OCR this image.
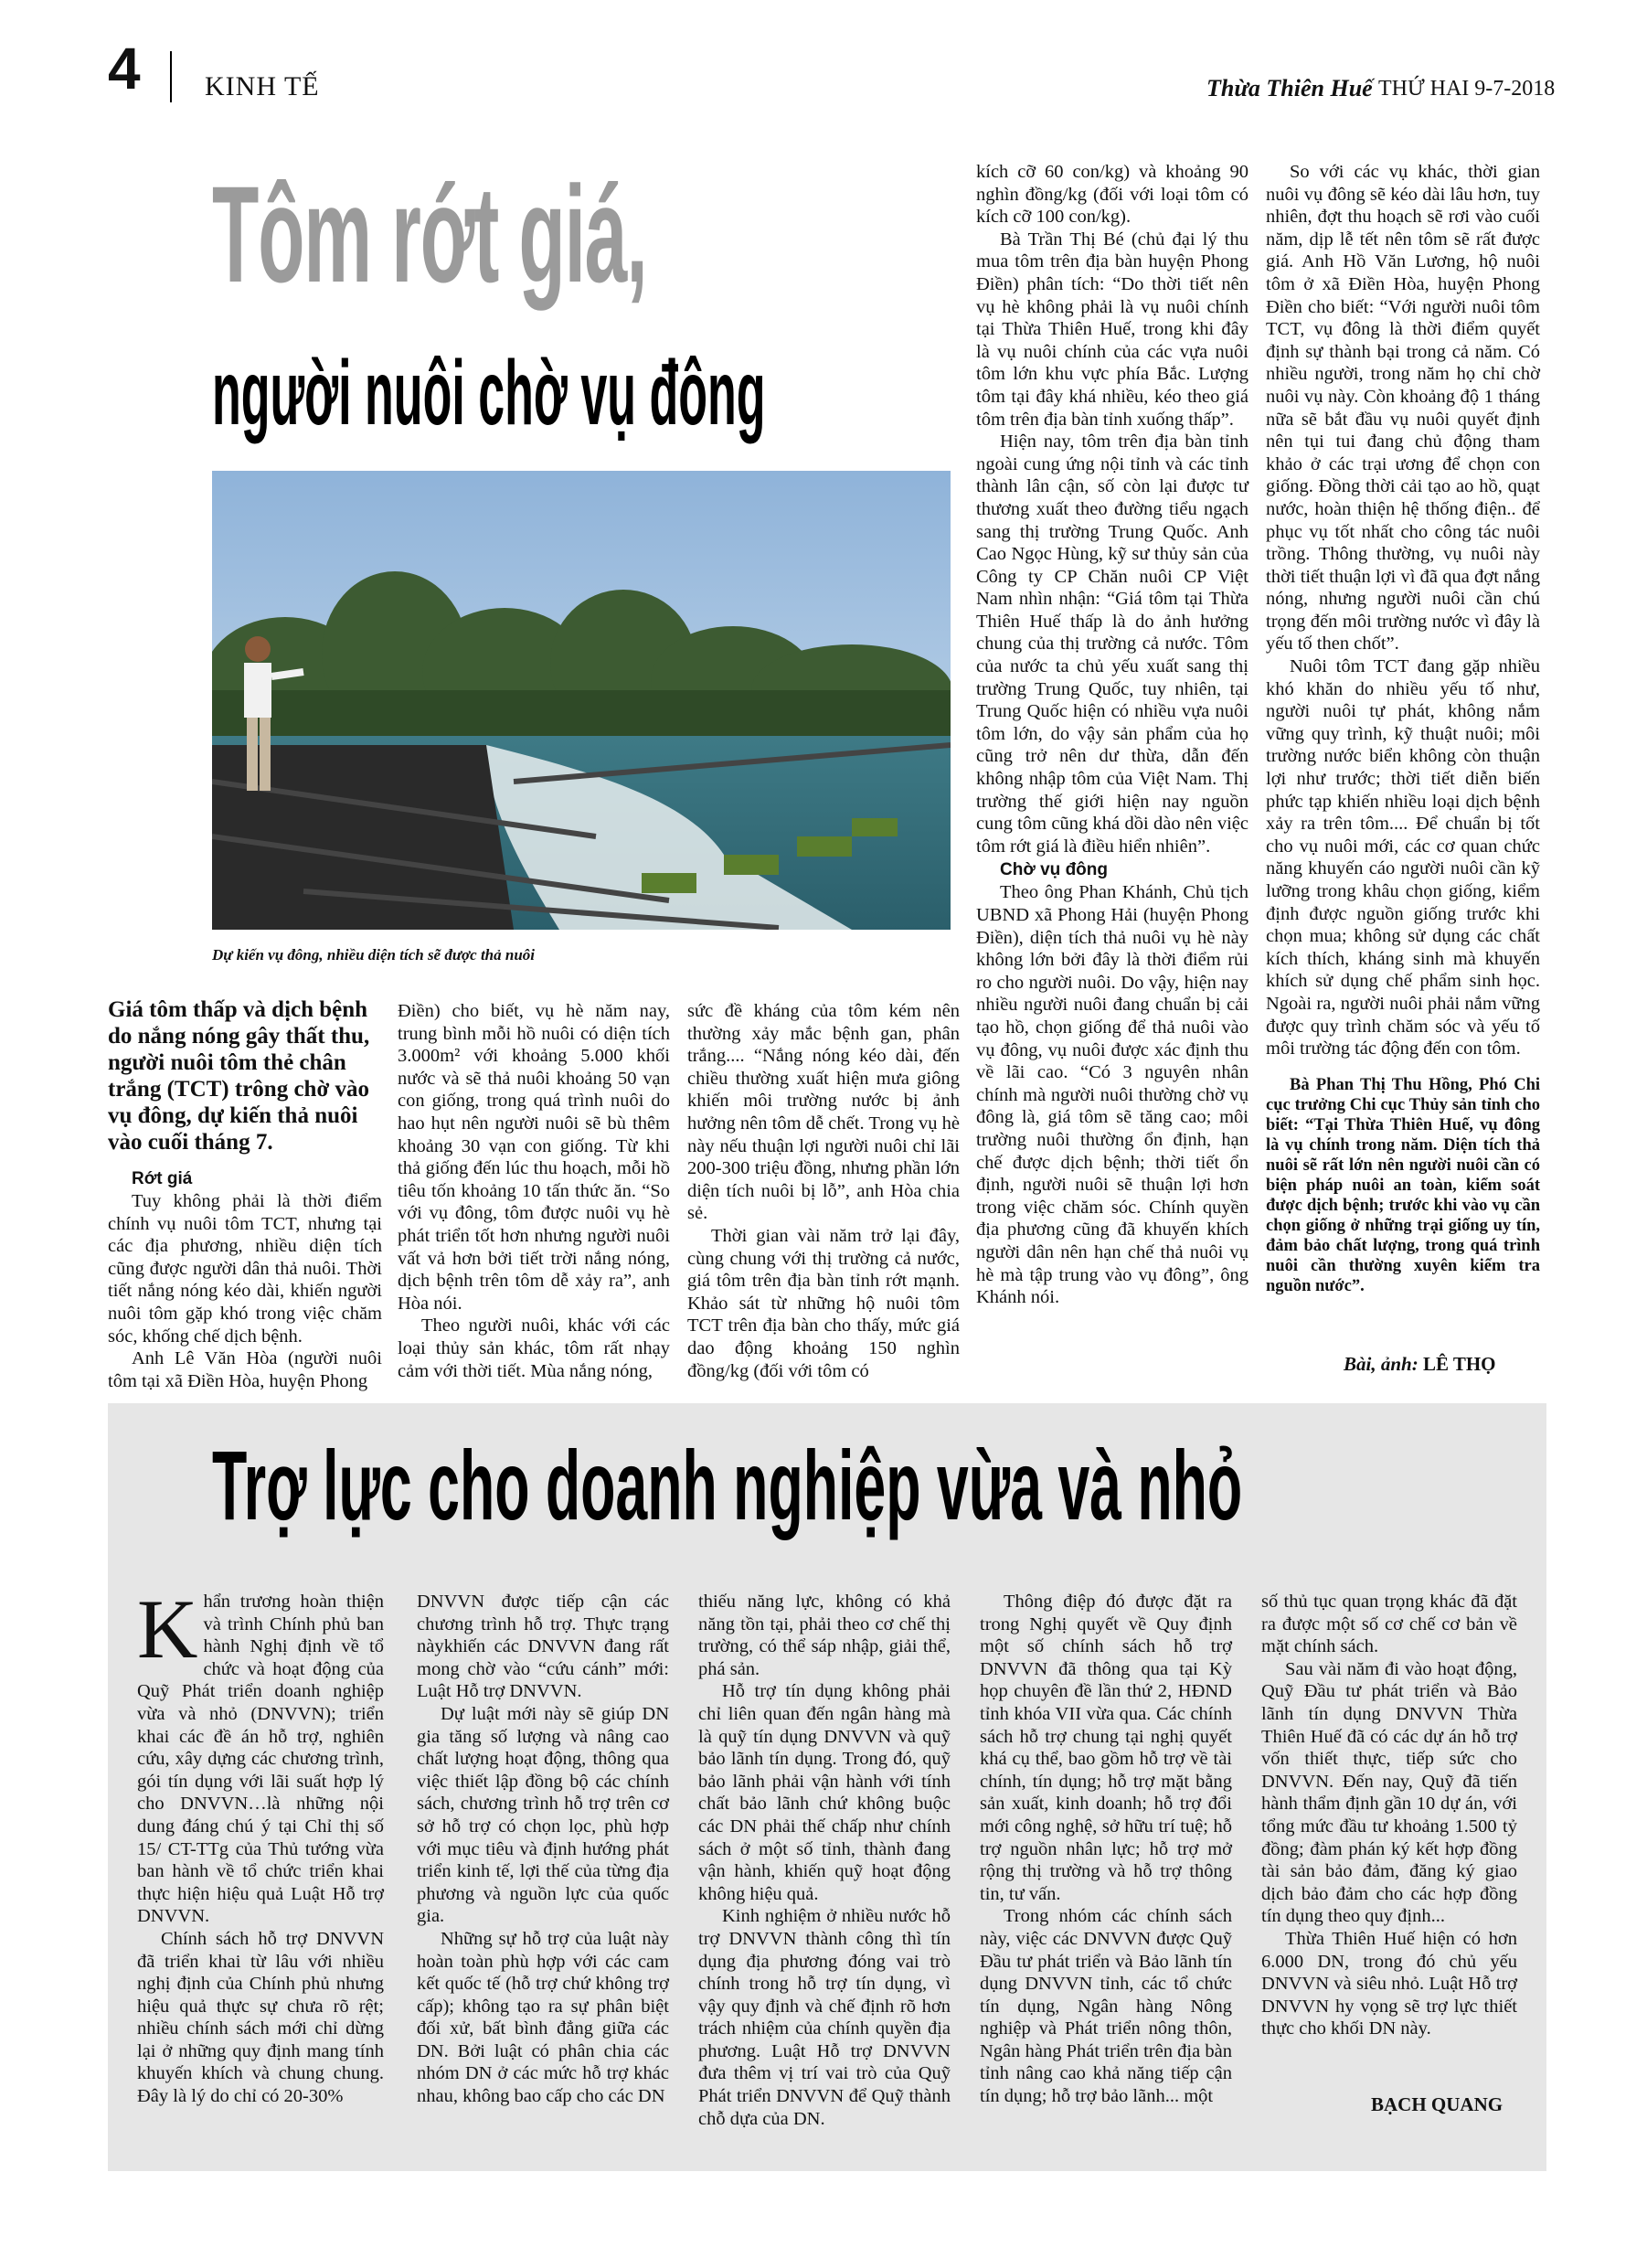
4 KINH TẾ	Thừa Thiên Huế THỨ HAI 9-7-2018
Tôm rớt giá,
người nuôi chờ vụ đông
Dự kiến vụ đông, nhiều diện tích sẽ được thả nuôi
Giá tôm thấp và dịch bệnh do nắng nóng gây thất thu, người nuôi tôm thẻ chân trắng (TCT) trông chờ vào vụ đông, dự kiến thả nuôi vào cuối tháng 7.

Rớt giá

Tuy không phải là thời điểm chính vụ nuôi tôm TCT, nhưng tại các địa phương, nhiều diện tích cũng được người dân thả nuôi. Thời tiết nắng nóng kéo dài, khiến người nuôi tôm gặp khó trong việc chăm sóc, khống chế dịch bệnh.

Anh Lê Văn Hòa (người nuôi tôm tại xã Điền Hòa, huyện Phong

Điền) cho biết, vụ hè năm nay, trung bình mỗi hồ nuôi có diện tích 3.000m² với khoảng 5.000 khối nước và sẽ thả nuôi khoảng 50 vạn con giống, trong quá trình nuôi do hao hụt nên người nuôi sẽ bù thêm khoảng 30 vạn con giống. Từ khi thả giống đến lúc thu hoạch, mỗi hồ tiêu tốn khoảng 10 tấn thức ăn. “So với vụ đông, tôm được nuôi vụ hè phát triển tốt hơn nhưng người nuôi vất vả hơn bởi tiết trời nắng nóng, dịch bệnh trên tôm dễ xảy ra”, anh Hòa nói.

Theo người nuôi, khác với các loại thủy sản khác, tôm rất nhạy cảm với thời tiết. Mùa nắng nóng,

sức đề kháng của tôm kém nên thường xảy mắc bệnh gan, phân trắng.... “Nắng nóng kéo dài, đến chiều thường xuất hiện mưa giông khiến môi trường nước bị ảnh hưởng nên tôm dễ chết. Trong vụ hè này nếu thuận lợi người nuôi chỉ lãi 200-300 triệu đồng, nhưng phần lớn diện tích nuôi bị lỗ”, anh Hòa chia sẻ.

Thời gian vài năm trở lại đây, cùng chung với thị trường cả nước, giá tôm trên địa bàn tỉnh rớt mạnh. Khảo sát từ những hộ nuôi tôm TCT trên địa bàn cho thấy, mức giá dao động khoảng 150 nghìn đồng/kg (đối với tôm có

kích cỡ 60 con/kg) và khoảng 90 nghìn đồng/kg (đối với loại tôm có kích cỡ 100 con/kg).

Bà Trần Thị Bé (chủ đại lý thu mua tôm trên địa bàn huyện Phong Điền) phân tích: “Do thời tiết nên vụ hè không phải là vụ nuôi chính tại Thừa Thiên Huế, trong khi đây là vụ nuôi chính của các vựa nuôi tôm lớn khu vực phía Bắc. Lượng tôm tại đây khá nhiều, kéo theo giá tôm trên địa bàn tỉnh xuống thấp”.

Hiện nay, tôm trên địa bàn tỉnh ngoài cung ứng nội tỉnh và các tỉnh thành lân cận, số còn lại được tư thương xuất theo đường tiểu ngạch sang thị trường Trung Quốc. Anh Cao Ngọc Hùng, kỹ sư thủy sản của Công ty CP Chăn nuôi CP Việt Nam nhìn nhận: “Giá tôm tại Thừa Thiên Huế thấp là do ảnh hưởng chung của thị trường cả nước. Tôm của nước ta chủ yếu xuất sang thị trường Trung Quốc, tuy nhiên, tại Trung Quốc hiện có nhiều vựa nuôi tôm lớn, do vậy sản phẩm của họ cũng trở nên dư thừa, dẫn đến không nhập tôm của Việt Nam. Thị trường thế giới hiện nay nguồn cung tôm cũng khá dồi dào nên việc tôm rớt giá là điều hiển nhiên”.

Chờ vụ đông

Theo ông Phan Khánh, Chủ tịch UBND xã Phong Hải (huyện Phong Điền), diện tích thả nuôi vụ hè này không lớn bởi đây là thời điểm rủi ro cho người nuôi. Do vậy, hiện nay nhiều người nuôi đang chuẩn bị cải tạo hồ, chọn giống để thả nuôi vào vụ đông, vụ nuôi được xác định thu về lãi cao. “Có 3 nguyên nhân chính mà người nuôi thường chờ vụ đông là, giá tôm sẽ tăng cao; môi trường nuôi thường ổn định, hạn chế được dịch bệnh; thời tiết ổn định, người nuôi sẽ thuận lợi hơn trong việc chăm sóc. Chính quyền địa phương cũng đã khuyến khích người dân nên hạn chế thả nuôi vụ hè mà tập trung vào vụ đông”, ông Khánh nói.

So với các vụ khác, thời gian nuôi vụ đông sẽ kéo dài lâu hơn, tuy nhiên, đợt thu hoạch sẽ rơi vào cuối năm, dịp lễ tết nên tôm sẽ rất được giá. Anh Hồ Văn Lương, hộ nuôi tôm ở xã Điền Hòa, huyện Phong Điền cho biết: “Với người nuôi tôm TCT, vụ đông là thời điểm quyết định sự thành bại trong cả năm. Có nhiều người, trong năm họ chỉ chờ nuôi vụ này. Còn khoảng độ 1 tháng nữa sẽ bắt đầu vụ nuôi quyết định nên tụi tui đang chủ động tham khảo ở các trại ương để chọn con giống. Đồng thời cải tạo ao hồ, quạt nước, hoàn thiện hệ thống điện.. để phục vụ tốt nhất cho công tác nuôi trồng. Thông thường, vụ nuôi này thời tiết thuận lợi vì đã qua đợt nắng nóng, nhưng người nuôi cần chú trọng đến môi trường nước vì đây là yếu tố then chốt”.

Nuôi tôm TCT đang gặp nhiều khó khăn do nhiều yếu tố như, người nuôi tự phát, không nắm vững quy trình, kỹ thuật nuôi; môi trường nước biển không còn thuận lợi như trước; thời tiết diễn biến phức tạp khiến nhiều loại dịch bệnh xảy ra trên tôm.... Để chuẩn bị tốt cho vụ nuôi mới, các cơ quan chức năng khuyến cáo người nuôi cần kỹ lưỡng trong khâu chọn giống, kiểm định được nguồn giống trước khi chọn mua; không sử dụng các chất kích thích, kháng sinh mà khuyến khích sử dụng chế phẩm sinh học. Ngoài ra, người nuôi phải nắm vững được quy trình chăm sóc và yếu tố môi trường tác động đến con tôm.

Bà Phan Thị Thu Hồng, Phó Chi cục trưởng Chi cục Thủy sản tỉnh cho biết: “Tại Thừa Thiên Huế, vụ đông là vụ chính trong năm. Diện tích thả nuôi sẽ rất lớn nên người nuôi cần có biện pháp nuôi an toàn, kiểm soát được dịch bệnh; trước khi vào vụ cần chọn giống ở những trại giống uy tín, đảm bảo chất lượng, trong quá trình nuôi cần thường xuyên kiểm tra nguồn nước”.

Bài, ảnh: LÊ THỌ
Trợ lực cho doanh nghiệp vừa và nhỏ
K hẩn trương hoàn thiện và trình Chính phủ ban hành Nghị định về tổ chức và hoạt động của Quỹ Phát triển doanh nghiệp vừa và nhỏ (DNVVN); triển khai các đề án hỗ trợ, nghiên cứu, xây dựng các chương trình, gói tín dụng với lãi suất hợp lý cho DNVVN…là những nội dung đáng chú ý tại Chỉ thị số 15/ CT-TTg của Thủ tướng vừa ban hành về tổ chức triển khai thực hiện hiệu quả Luật Hỗ trợ DNVVN.

Chính sách hỗ trợ DNVVN đã triển khai từ lâu với nhiều nghị định của Chính phủ nhưng hiệu quả thực sự chưa rõ rệt; nhiều chính sách mới chỉ dừng lại ở những quy định mang tính khuyến khích và chung chung. Đây là lý do chỉ có 20-30%

DNVVN được tiếp cận các chương trình hỗ trợ. Thực trạng nàykhiến các DNVVN đang rất mong chờ vào “cứu cánh” mới: Luật Hỗ trợ DNVVN.

Dự luật mới này sẽ giúp DN gia tăng số lượng và nâng cao chất lượng hoạt động, thông qua việc thiết lập đồng bộ các chính sách, chương trình hỗ trợ trên cơ sở hỗ trợ có chọn lọc, phù hợp với mục tiêu và định hướng phát triển kinh tế, lợi thế của từng địa phương và nguồn lực của quốc gia.

Những sự hỗ trợ của luật này hoàn toàn phù hợp với các cam kết quốc tế (hỗ trợ chứ không trợ cấp); không tạo ra sự phân biệt đối xử, bất bình đẳng giữa các DN. Bởi luật có phân chia các nhóm DN ở các mức hỗ trợ khác nhau, không bao cấp cho các DN

thiếu năng lực, không có khả năng tồn tại, phải theo cơ chế thị trường, có thể sáp nhập, giải thể, phá sản.

Hỗ trợ tín dụng không phải chỉ liên quan đến ngân hàng mà là quỹ tín dụng DNVVN và quỹ bảo lãnh tín dụng. Trong đó, quỹ bảo lãnh phải vận hành với tính chất bảo lãnh chứ không buộc các DN phải thế chấp như chính sách ở một số tỉnh, thành đang vận hành, khiến quỹ hoạt động không hiệu quả.

Kinh nghiệm ở nhiều nước hỗ trợ DNVVN thành công thì tín dụng địa phương đóng vai trò chính trong hỗ trợ tín dụng, vì vậy quy định và chế định rõ hơn trách nhiệm của chính quyền địa phương. Luật Hỗ trợ DNVVN đưa thêm vị trí vai trò của Quỹ Phát triển DNVVN để Quỹ thành chỗ dựa của DN.

Thông điệp đó được đặt ra trong Nghị quyết về Quy định một số chính sách hỗ trợ DNVVN đã thông qua tại Kỳ họp chuyên đề lần thứ 2, HĐND tỉnh khóa VII vừa qua. Các chính sách hỗ trợ chung tại nghị quyết khá cụ thể, bao gồm hỗ trợ về tài chính, tín dụng; hỗ trợ mặt bằng sản xuất, kinh doanh; hỗ trợ đổi mới công nghệ, sở hữu trí tuệ; hỗ trợ nguồn nhân lực; hỗ trợ mở rộng thị trường và hỗ trợ thông tin, tư vấn.

Trong nhóm các chính sách này, việc các DNVVN được Quỹ Đầu tư phát triển và Bảo lãnh tín dụng DNVVN tỉnh, các tổ chức tín dụng, Ngân hàng Nông nghiệp và Phát triển nông thôn, Ngân hàng Phát triển trên địa bàn tỉnh nâng cao khả năng tiếp cận tín dụng; hỗ trợ bảo lãnh... một

số thủ tục quan trọng khác đã đặt ra được một số cơ chế cơ bản về mặt chính sách.

Sau vài năm đi vào hoạt động, Quỹ Đầu tư phát triển và Bảo lãnh tín dụng DNVVN Thừa Thiên Huế đã có các dự án hỗ trợ vốn thiết thực, tiếp sức cho DNVVN. Đến nay, Quỹ đã tiến hành thẩm định gần 10 dự án, với tổng mức đầu tư khoảng 1.500 tỷ đồng; đàm phán ký kết hợp đồng tài sản bảo đảm, đăng ký giao dịch bảo đảm cho các hợp đồng tín dụng theo quy định...

Thừa Thiên Huế hiện có hơn 6.000 DN, trong đó chủ yếu DNVVN và siêu nhỏ. Luật Hỗ trợ DNVVN hy vọng sẽ trợ lực thiết thực cho khối DN này.

BẠCH QUANG
